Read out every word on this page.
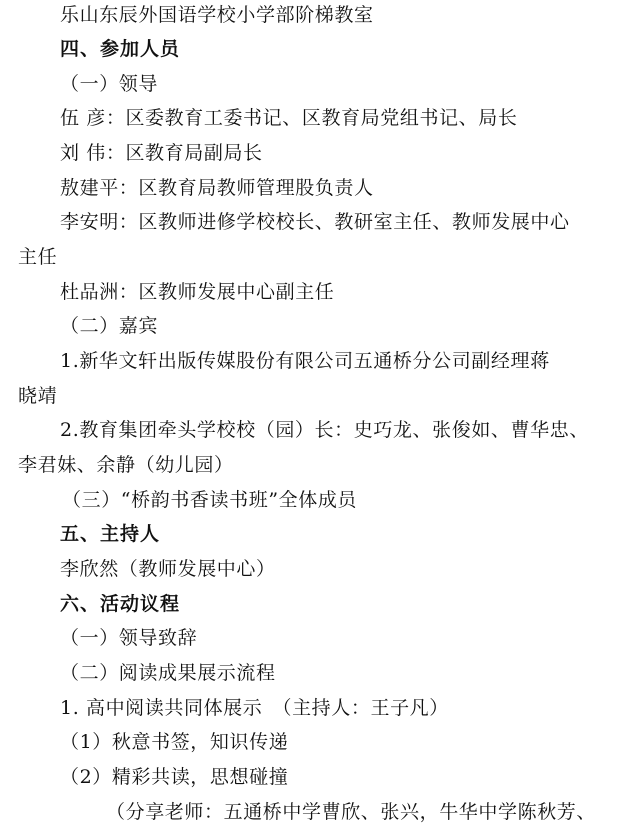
乐山东辰外国语学校小学部阶梯教室
四、参加人员
（一）领导
伍 彦：区委教育工委书记、区教育局党组书记、局长
刘 伟：区教育局副局长
敖建平：区教育局教师管理股负责人
李安明：区教师进修学校校长、教研室主任、教师发展中心
主任
杜品洲：区教师发展中心副主任
（二）嘉宾
1.新华文轩出版传媒股份有限公司五通桥分公司副经理蒋
晓靖
2.教育集团牵头学校校（园）长：史巧龙、张俊如、曹华忠、
李君妹、余静（幼儿园）
（三）“桥韵书香读书班”全体成员
五、主持人
李欣然（教师发展中心）
六、活动议程
（一）领导致辞
（二）阅读成果展示流程
1. 高中阅读共同体展示　（主持人：王子凡）
（1）秋意书签，知识传递
（2）精彩共读，思想碰撞
（分享老师：五通桥中学曹欣、张兴，牛华中学陈秋芳、
